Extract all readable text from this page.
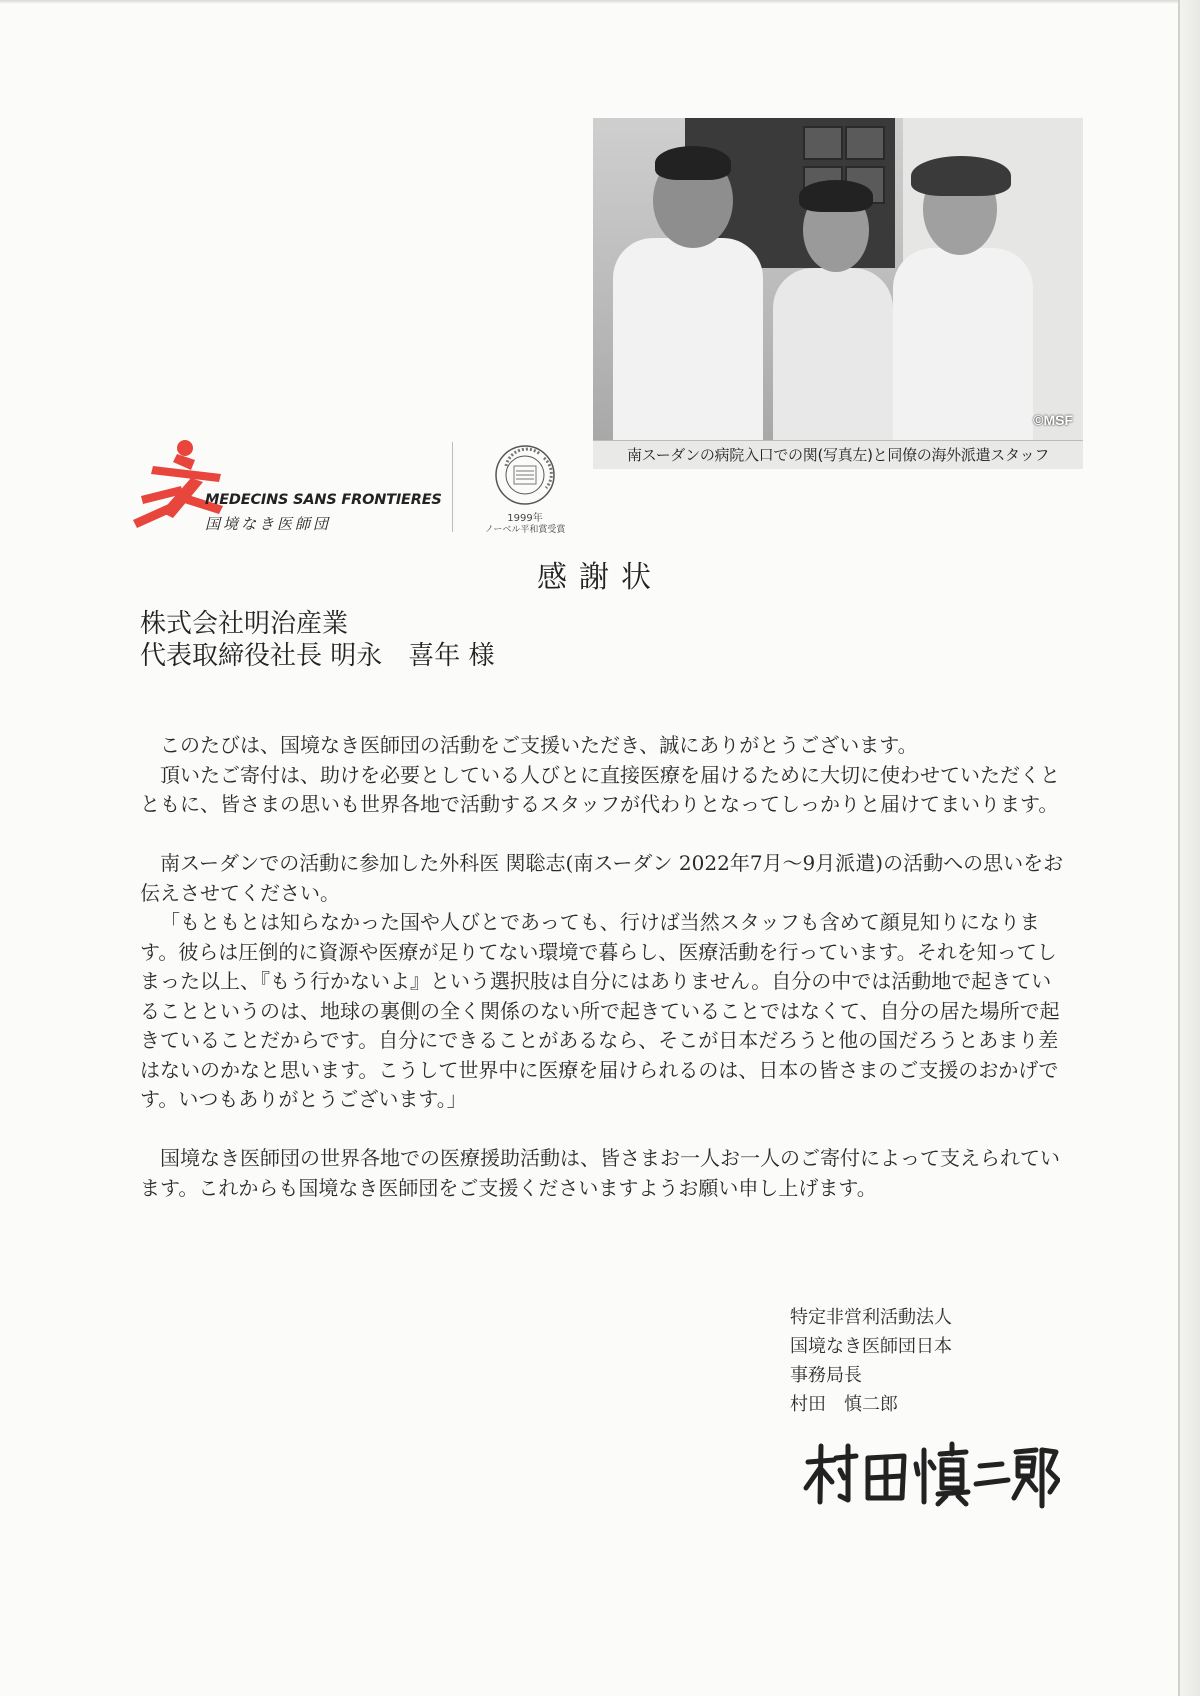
©MSF
南スーダンの病院入口での関(写真左)と同僚の海外派遣スタッフ
MEDECINS SANS FRONTIERES
国境なき医師団	1999年
ノーベル平和賞受賞
感謝状
株式会社明治産業
代表取締役社長 明永　喜年 様

このたびは、国境なき医師団の活動をご支援いただき、誠にありがとうございます。

頂いたご寄付は、助けを必要としている人びとに直接医療を届けるために大切に使わせていただくとともに、皆さまの思いも世界各地で活動するスタッフが代わりとなってしっかりと届けてまいります。

南スーダンでの活動に参加した外科医 関聡志(南スーダン 2022年7月～9月派遣)の活動への思いをお伝えさせてください。

「もともとは知らなかった国や人びとであっても、行けば当然スタッフも含めて顔見知りになります。彼らは圧倒的に資源や医療が足りてない環境で暮らし、医療活動を行っています。それを知ってしまった以上、『もう行かないよ』という選択肢は自分にはありません。自分の中では活動地で起きていることというのは、地球の裏側の全く関係のない所で起きていることではなくて、自分の居た場所で起きていることだからです。自分にできることがあるなら、そこが日本だろうと他の国だろうとあまり差はないのかなと思います。こうして世界中に医療を届けられるのは、日本の皆さまのご支援のおかげです。いつもありがとうございます。」

国境なき医師団の世界各地での医療援助活動は、皆さまお一人お一人のご寄付によって支えられています。これからも国境なき医師団をご支援くださいますようお願い申し上げます。

特定非営利活動法人
国境なき医師団日本
事務局長
村田　慎二郎
